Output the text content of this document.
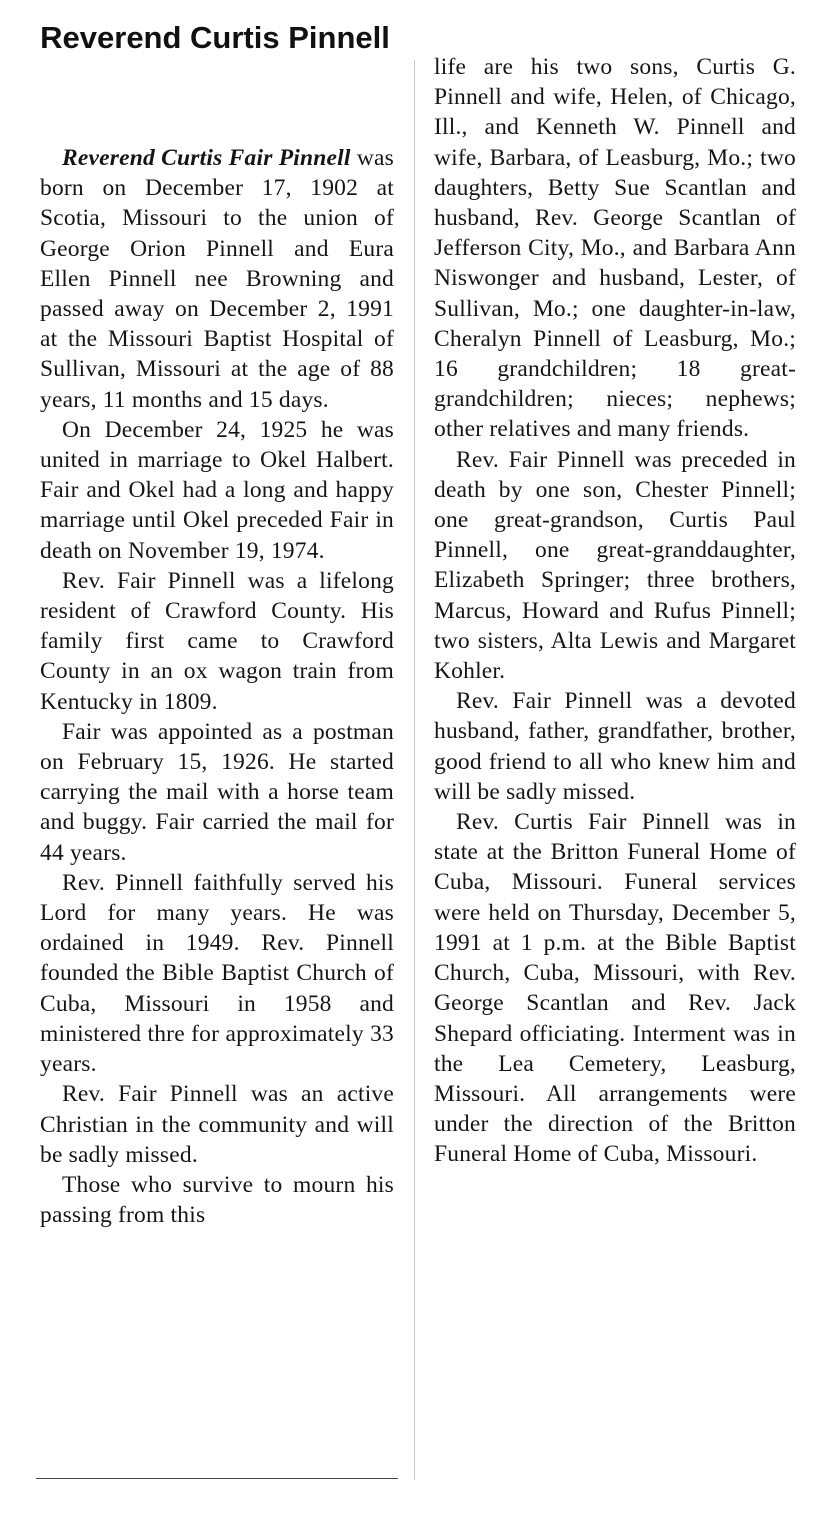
Reverend Curtis Pinnell

Reverend Curtis Fair Pinnell was born on December 17, 1902 at Scotia, Missouri to the union of George Orion Pinnell and Eura Ellen Pinnell nee Browning and passed away on December 2, 1991 at the Missouri Baptist Hospital of Sullivan, Missouri at the age of 88 years, 11 months and 15 days.

On December 24, 1925 he was united in marriage to Okel Halbert. Fair and Okel had a long and happy marriage until Okel preceded Fair in death on November 19, 1974.

Rev. Fair Pinnell was a lifelong resident of Crawford County. His family first came to Crawford County in an ox wagon train from Kentucky in 1809.

Fair was appointed as a postman on February 15, 1926. He started carrying the mail with a horse team and buggy. Fair carried the mail for 44 years.

Rev. Pinnell faithfully served his Lord for many years. He was ordained in 1949. Rev. Pinnell founded the Bible Baptist Church of Cuba, Missouri in 1958 and ministered thre for approximately 33 years.

Rev. Fair Pinnell was an active Christian in the community and will be sadly missed.

Those who survive to mourn his passing from this

life are his two sons, Curtis G. Pinnell and wife, Helen, of Chicago, Ill., and Kenneth W. Pinnell and wife, Barbara, of Leasburg, Mo.; two daughters, Betty Sue Scantlan and husband, Rev. George Scantlan of Jefferson City, Mo., and Barbara Ann Niswonger and husband, Lester, of Sullivan, Mo.; one daughter-in-law, Cheralyn Pinnell of Leasburg, Mo.; 16 grandchildren; 18 great-grandchildren; nieces; nephews; other relatives and many friends.

Rev. Fair Pinnell was preceded in death by one son, Chester Pinnell; one great-grandson, Curtis Paul Pinnell, one great-granddaughter, Elizabeth Springer; three brothers, Marcus, Howard and Rufus Pinnell; two sisters, Alta Lewis and Margaret Kohler.

Rev. Fair Pinnell was a devoted husband, father, grandfather, brother, good friend to all who knew him and will be sadly missed.

Rev. Curtis Fair Pinnell was in state at the Britton Funeral Home of Cuba, Missouri. Funeral services were held on Thursday, December 5, 1991 at 1 p.m. at the Bible Baptist Church, Cuba, Missouri, with Rev. George Scantlan and Rev. Jack Shepard officiating. Interment was in the Lea Cemetery, Leasburg, Missouri. All arrangements were under the direction of the Britton Funeral Home of Cuba, Missouri.
